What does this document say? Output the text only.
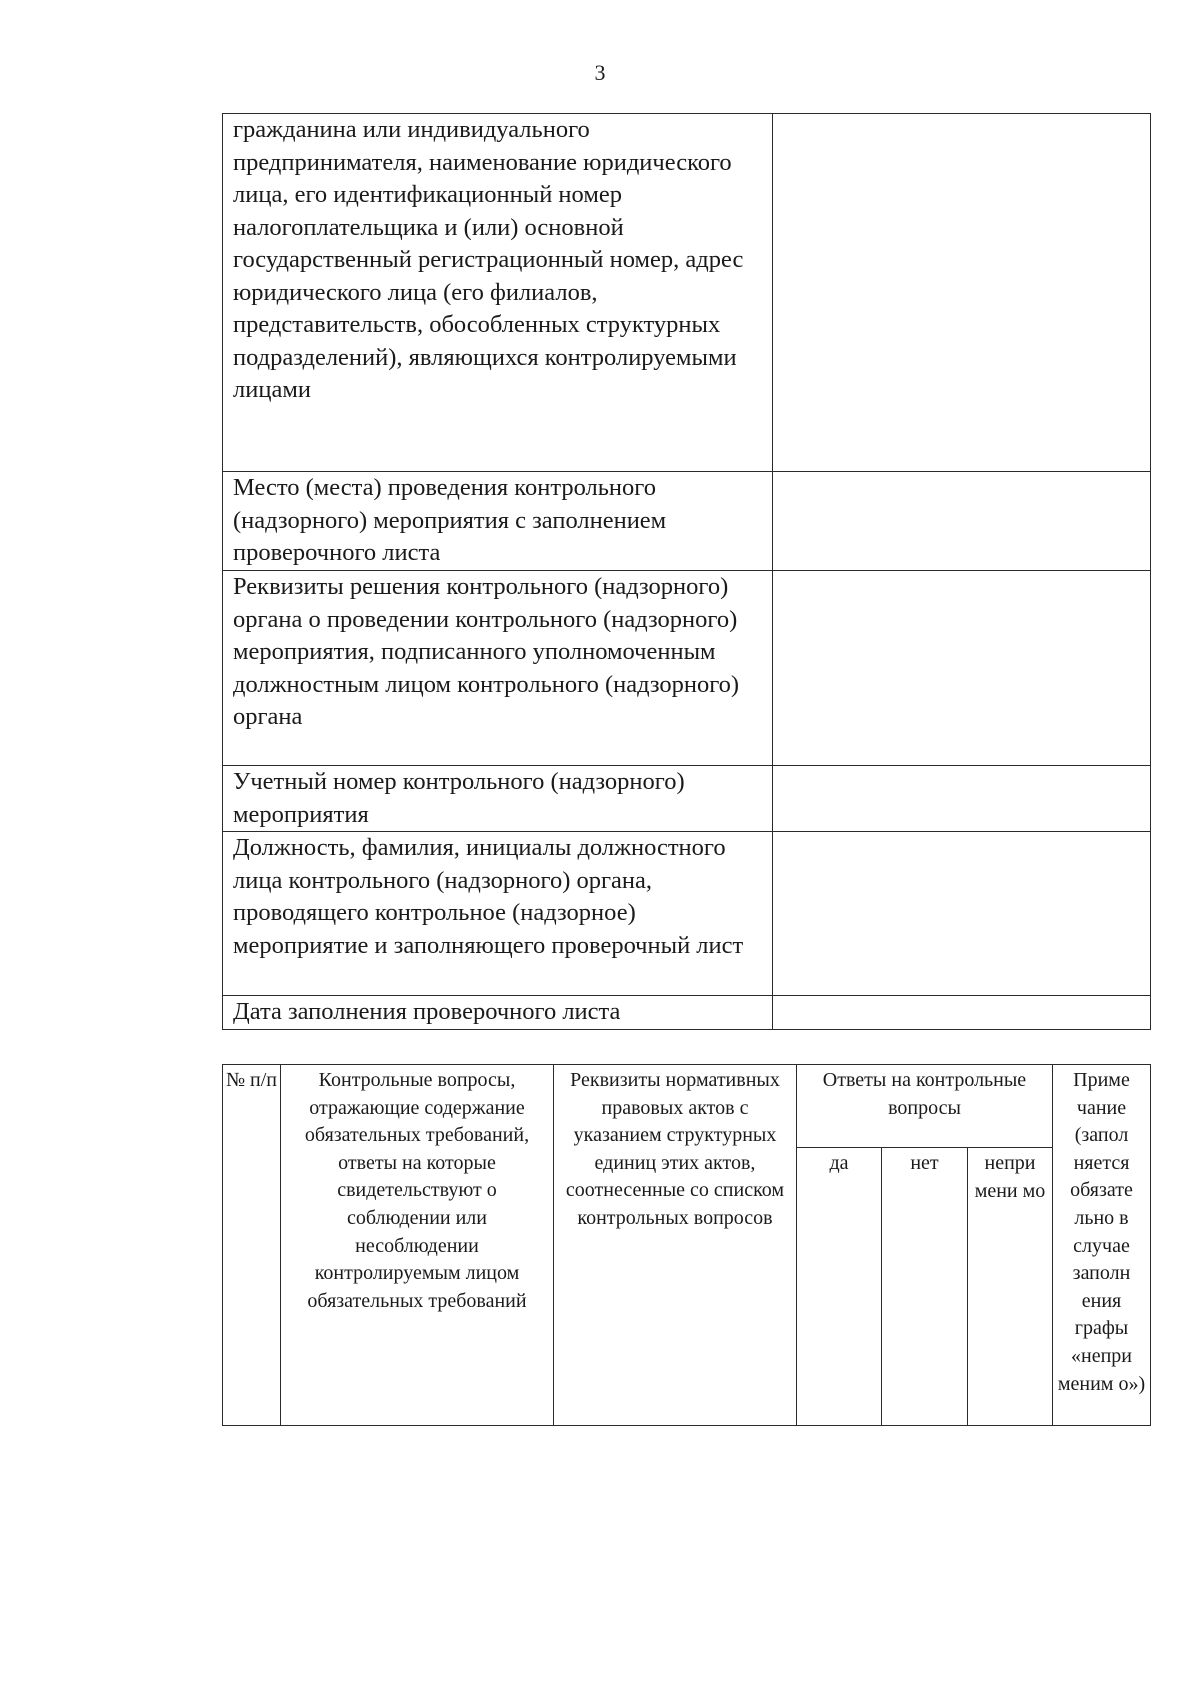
3
гражданина или индивидуального предпринимателя, наименование юридического лица, его идентификационный номер налогоплательщика и (или) основной государственный регистрационный номер, адрес юридического лица (его филиалов, представительств, обособленных структурных подразделений), являющихся контролируемыми лицами	
Место (места) проведения контрольного (надзорного) мероприятия с заполнением проверочного листа	
Реквизиты решения контрольного (надзорного) органа о проведении контрольного (надзорного) мероприятия, подписанного уполномоченным должностным лицом контрольного (надзорного) органа	
Учетный номер контрольного (надзорного) мероприятия	
Должность, фамилия, инициалы должностного лица контрольного (надзорного) органа, проводящего контрольное (надзорное) мероприятие и заполняющего проверочный лист	
Дата заполнения проверочного листа	
№ п/п	Контрольные вопросы, отражающие содержание обязательных требований, ответы на которые свидетельствуют о соблюдении или несоблюдении контролируемым лицом обязательных требований	Реквизиты нормативных правовых актов с указанием структурных единиц этих актов, соотнесенные со списком контрольных вопросов	Ответы на контрольные вопросы			Приме чание (запол няется обязате льно в случае заполн ения графы «непри меним о»)
			да	нет	непри мени мо	
